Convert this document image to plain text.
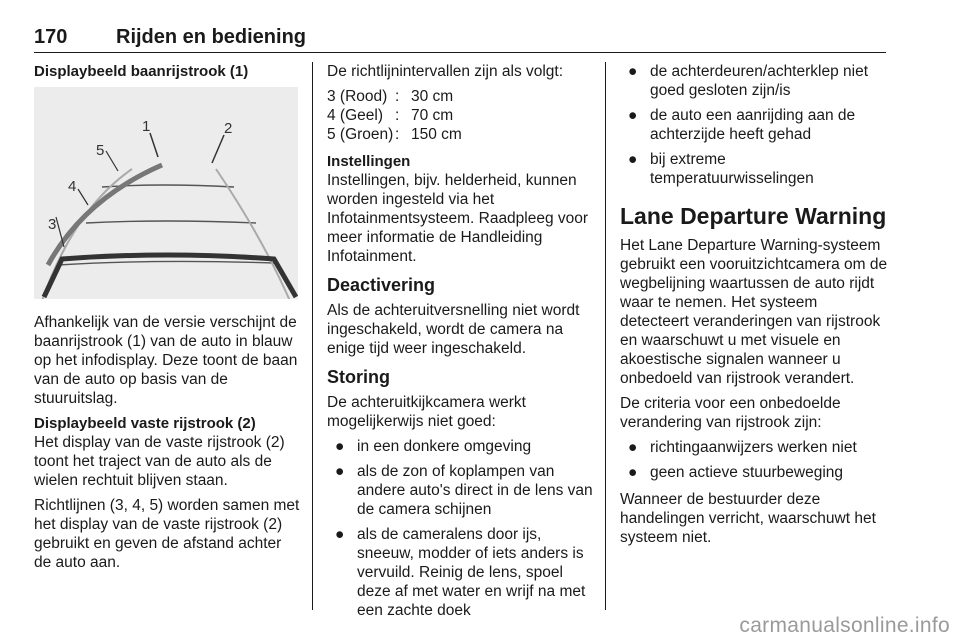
170 Rijden en bediening
Displaybeeld baanrijstrook (1)
1	2
3
4
5

Afhankelijk van de versie verschijnt de baanrijstrook (1) van de auto in blauw op het infodisplay. Deze toont de baan van de auto op basis van de stuuruitslag.

Displaybeeld vaste rijstrook (2)

Het display van de vaste rijstrook (2) toont het traject van de auto als de wielen rechtuit blijven staan.

Richtlijnen (3, 4, 5) worden samen met het display van de vaste rijstrook (2) gebruikt en geven de afstand achter de auto aan.

De richtlijnintervallen zijn als volgt:

3 (Rood) : 30 cm
4 (Geel) : 70 cm
5 (Groen) : 150 cm
Instellingen

Instellingen, bijv. helderheid, kunnen worden ingesteld via het Infotainmentsysteem. Raadpleeg voor meer informatie de Handleiding Infotainment.

Deactivering

Als de achteruitversnelling niet wordt ingeschakeld, wordt de camera na enige tijd weer ingeschakeld.

Storing

De achteruitkijkcamera werkt mogelijkerwijs niet goed:

● in een donkere omgeving
● als de zon of koplampen van andere auto's direct in de lens van de camera schijnen
● als de cameralens door ijs, sneeuw, modder of iets anders is vervuild. Reinig de lens, spoel deze af met water en wrijf na met een zachte doek
● de achterdeuren/achterklep niet goed gesloten zijn/is
● de auto een aanrijding aan de achterzijde heeft gehad
● bij extreme temperatuurwisselingen
Lane Departure Warning

Het Lane Departure Warning-systeem gebruikt een vooruitzichtcamera om de wegbelijning waartussen de auto rijdt waar te nemen. Het systeem detecteert veranderingen van rijstrook en waarschuwt u met visuele en akoestische signalen wanneer u onbedoeld van rijstrook verandert.

De criteria voor een onbedoelde verandering van rijstrook zijn:

● richtingaanwijzers werken niet
● geen actieve stuurbeweging

Wanneer de bestuurder deze handelingen verricht, waarschuwt het systeem niet.

carmanualsonline.info
